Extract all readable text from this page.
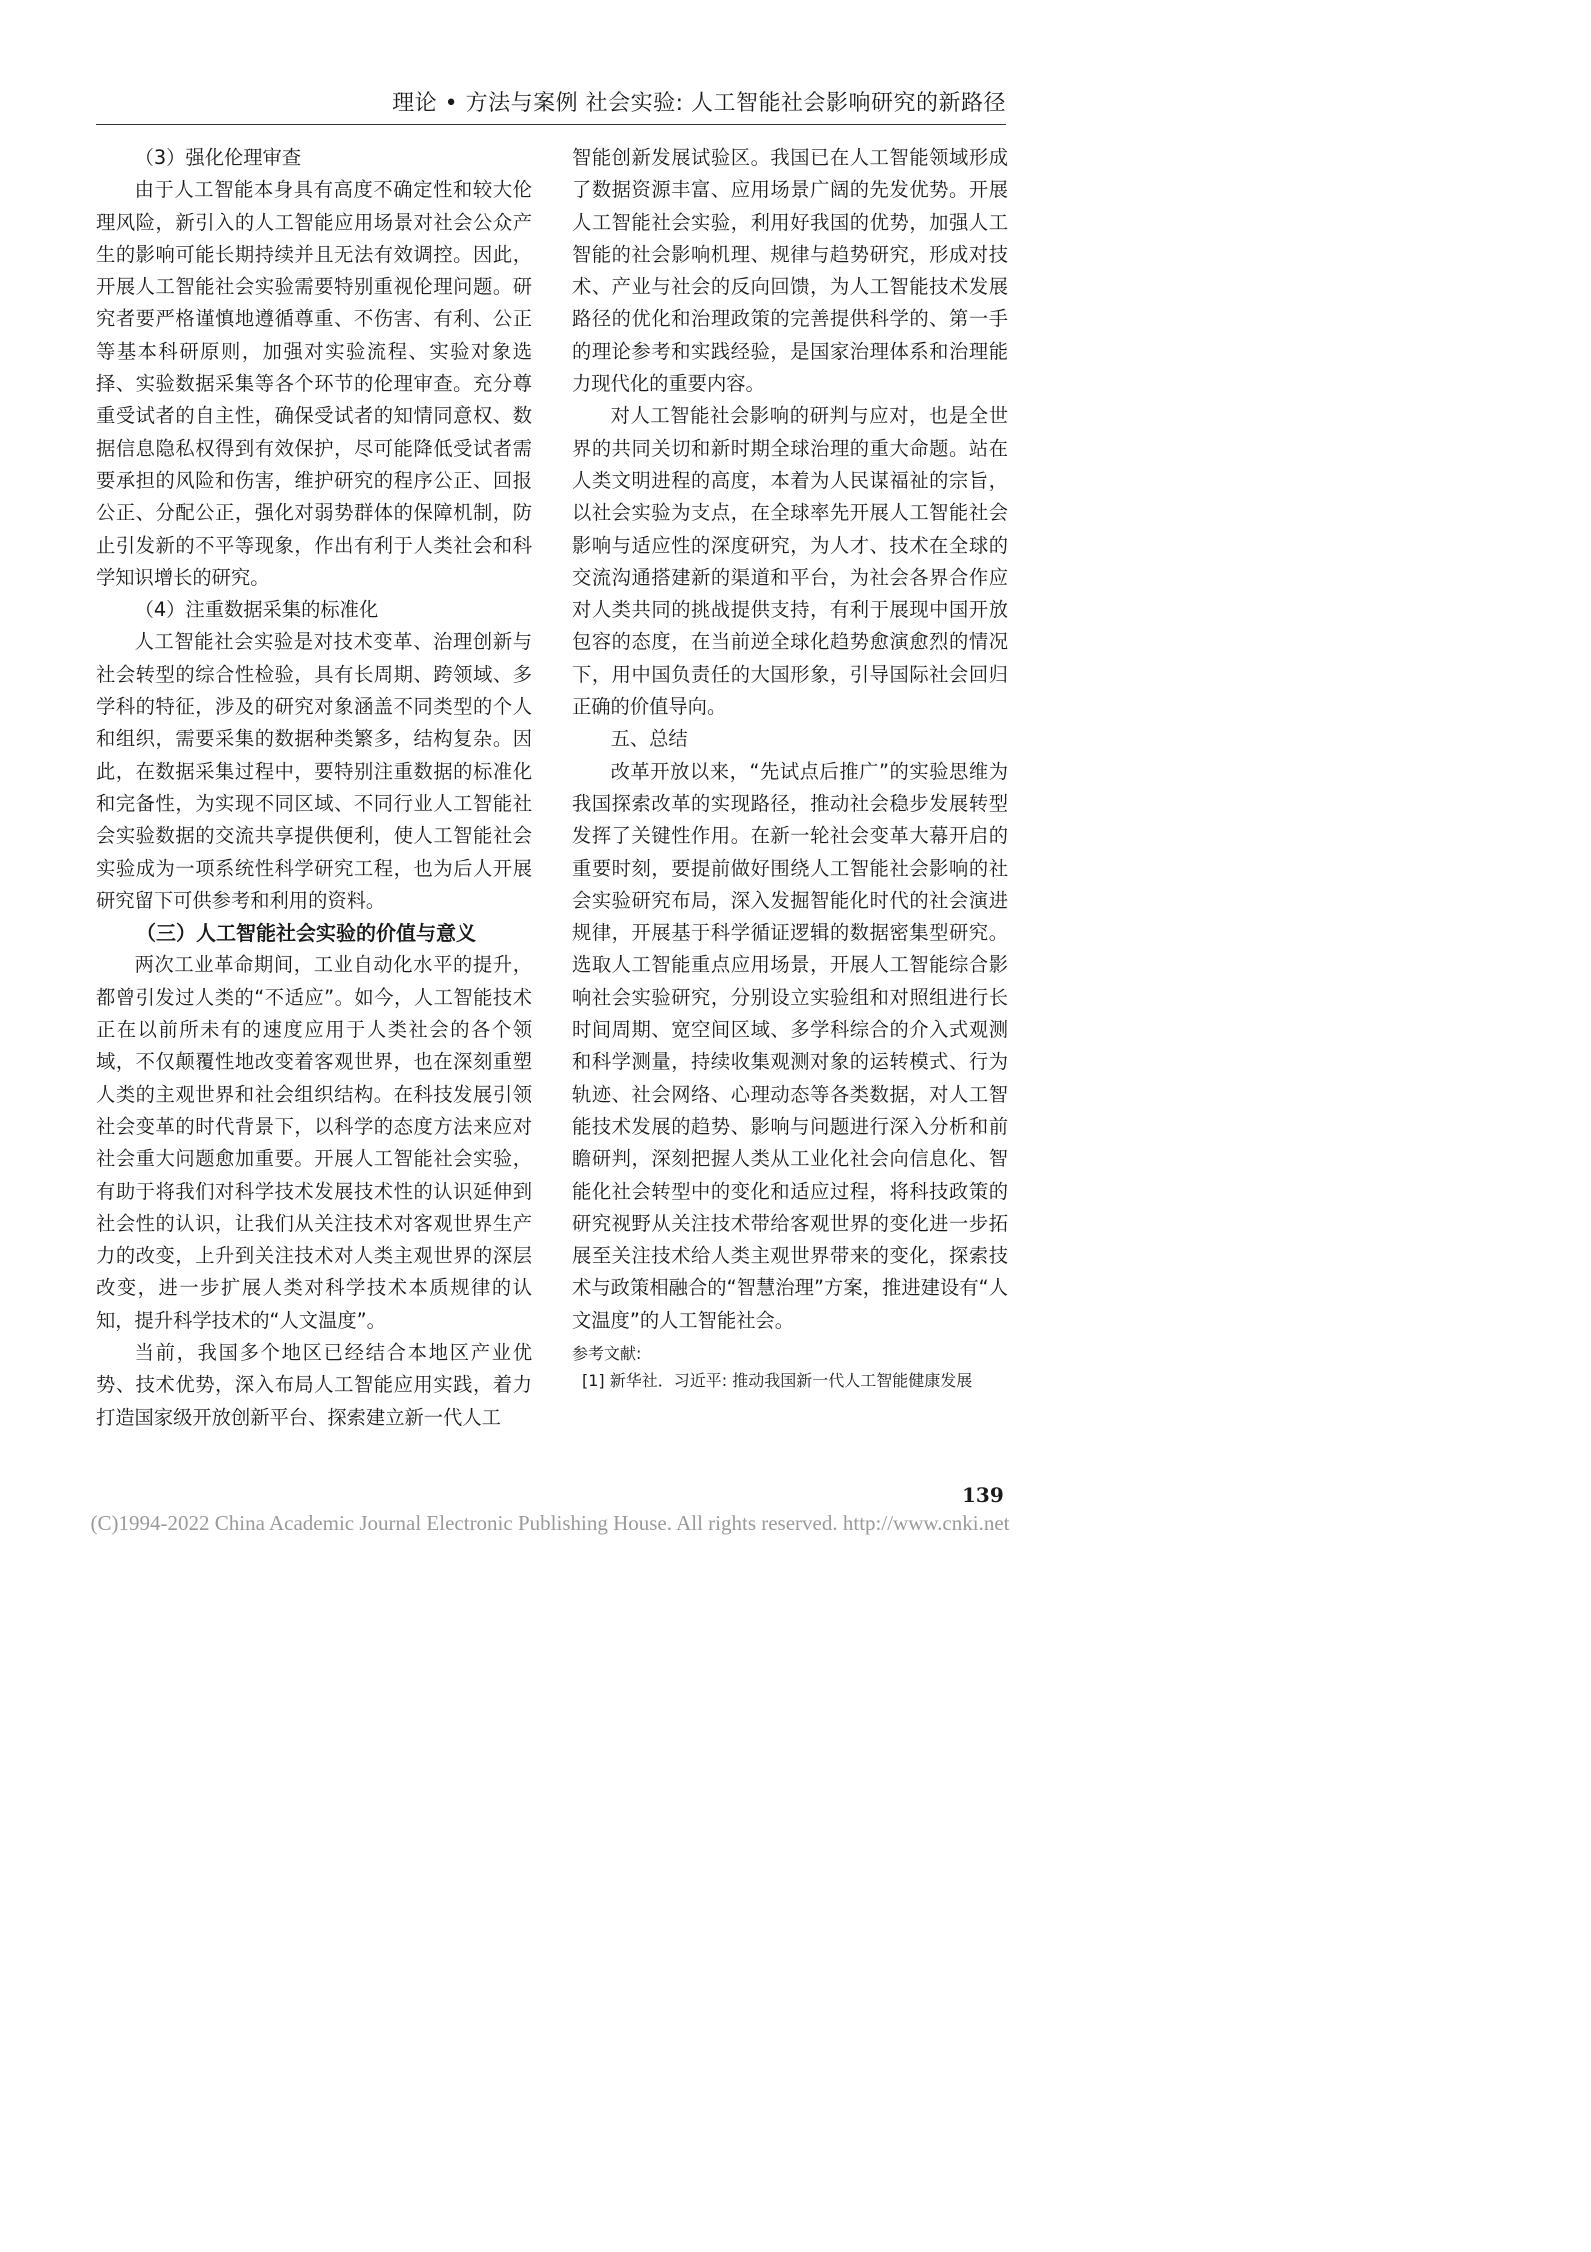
理论 • 方法与案例 社会实验: 人工智能社会影响研究的新路径

（3）强化伦理审查

由于人工智能本身具有高度不确定性和较大伦理风险，新引入的人工智能应用场景对社会公众产生的影响可能长期持续并且无法有效调控。因此，开展人工智能社会实验需要特别重视伦理问题。研究者要严格谨慎地遵循尊重、不伤害、有利、公正等基本科研原则，加强对实验流程、实验对象选择、实验数据采集等各个环节的伦理审查。充分尊重受试者的自主性，确保受试者的知情同意权、数据信息隐私权得到有效保护，尽可能降低受试者需要承担的风险和伤害，维护研究的程序公正、回报公正、分配公正，强化对弱势群体的保障机制，防止引发新的不平等现象，作出有利于人类社会和科学知识增长的研究。

（4）注重数据采集的标准化

人工智能社会实验是对技术变革、治理创新与社会转型的综合性检验，具有长周期、跨领域、多学科的特征，涉及的研究对象涵盖不同类型的个人和组织，需要采集的数据种类繁多，结构复杂。因此，在数据采集过程中，要特别注重数据的标准化和完备性，为实现不同区域、不同行业人工智能社会实验数据的交流共享提供便利，使人工智能社会实验成为一项系统性科学研究工程，也为后人开展研究留下可供参考和利用的资料。

（三）人工智能社会实验的价值与意义

两次工业革命期间，工业自动化水平的提升，都曾引发过人类的“不适应”。如今，人工智能技术正在以前所未有的速度应用于人类社会的各个领域，不仅颠覆性地改变着客观世界，也在深刻重塑人类的主观世界和社会组织结构。在科技发展引领社会变革的时代背景下，以科学的态度方法来应对社会重大问题愈加重要。开展人工智能社会实验，有助于将我们对科学技术发展技术性的认识延伸到社会性的认识，让我们从关注技术对客观世界生产力的改变，上升到关注技术对人类主观世界的深层改变，进一步扩展人类对科学技术本质规律的认知，提升科学技术的“人文温度”。

当前，我国多个地区已经结合本地区产业优势、技术优势，深入布局人工智能应用实践，着力打造国家级开放创新平台、探索建立新一代人工

智能创新发展试验区。我国已在人工智能领域形成了数据资源丰富、应用场景广阔的先发优势。开展人工智能社会实验，利用好我国的优势，加强人工智能的社会影响机理、规律与趋势研究，形成对技术、产业与社会的反向回馈，为人工智能技术发展路径的优化和治理政策的完善提供科学的、第一手的理论参考和实践经验，是国家治理体系和治理能力现代化的重要内容。

对人工智能社会影响的研判与应对，也是全世界的共同关切和新时期全球治理的重大命题。站在人类文明进程的高度，本着为人民谋福祉的宗旨，以社会实验为支点，在全球率先开展人工智能社会影响与适应性的深度研究，为人才、技术在全球的交流沟通搭建新的渠道和平台，为社会各界合作应对人类共同的挑战提供支持，有利于展现中国开放包容的态度，在当前逆全球化趋势愈演愈烈的情况下，用中国负责任的大国形象，引导国际社会回归正确的价值导向。

五、总结

改革开放以来，“先试点后推广”的实验思维为我国探索改革的实现路径，推动社会稳步发展转型发挥了关键性作用。在新一轮社会变革大幕开启的重要时刻，要提前做好围绕人工智能社会影响的社会实验研究布局，深入发掘智能化时代的社会演进规律，开展基于科学循证逻辑的数据密集型研究。选取人工智能重点应用场景，开展人工智能综合影响社会实验研究，分别设立实验组和对照组进行长时间周期、宽空间区域、多学科综合的介入式观测和科学测量，持续收集观测对象的运转模式、行为轨迹、社会网络、心理动态等各类数据，对人工智能技术发展的趋势、影响与问题进行深入分析和前瞻研判，深刻把握人类从工业化社会向信息化、智能化社会转型中的变化和适应过程，将科技政策的研究视野从关注技术带给客观世界的变化进一步拓展至关注技术给人类主观世界带来的变化，探索技术与政策相融合的“智慧治理”方案，推进建设有“人文温度”的人工智能社会。

参考文献:

[1] 新华社．习近平: 推动我国新一代人工智能健康发展

139
(C)1994-2022 China Academic Journal Electronic Publishing House. All rights reserved. http://www.cnki.net
